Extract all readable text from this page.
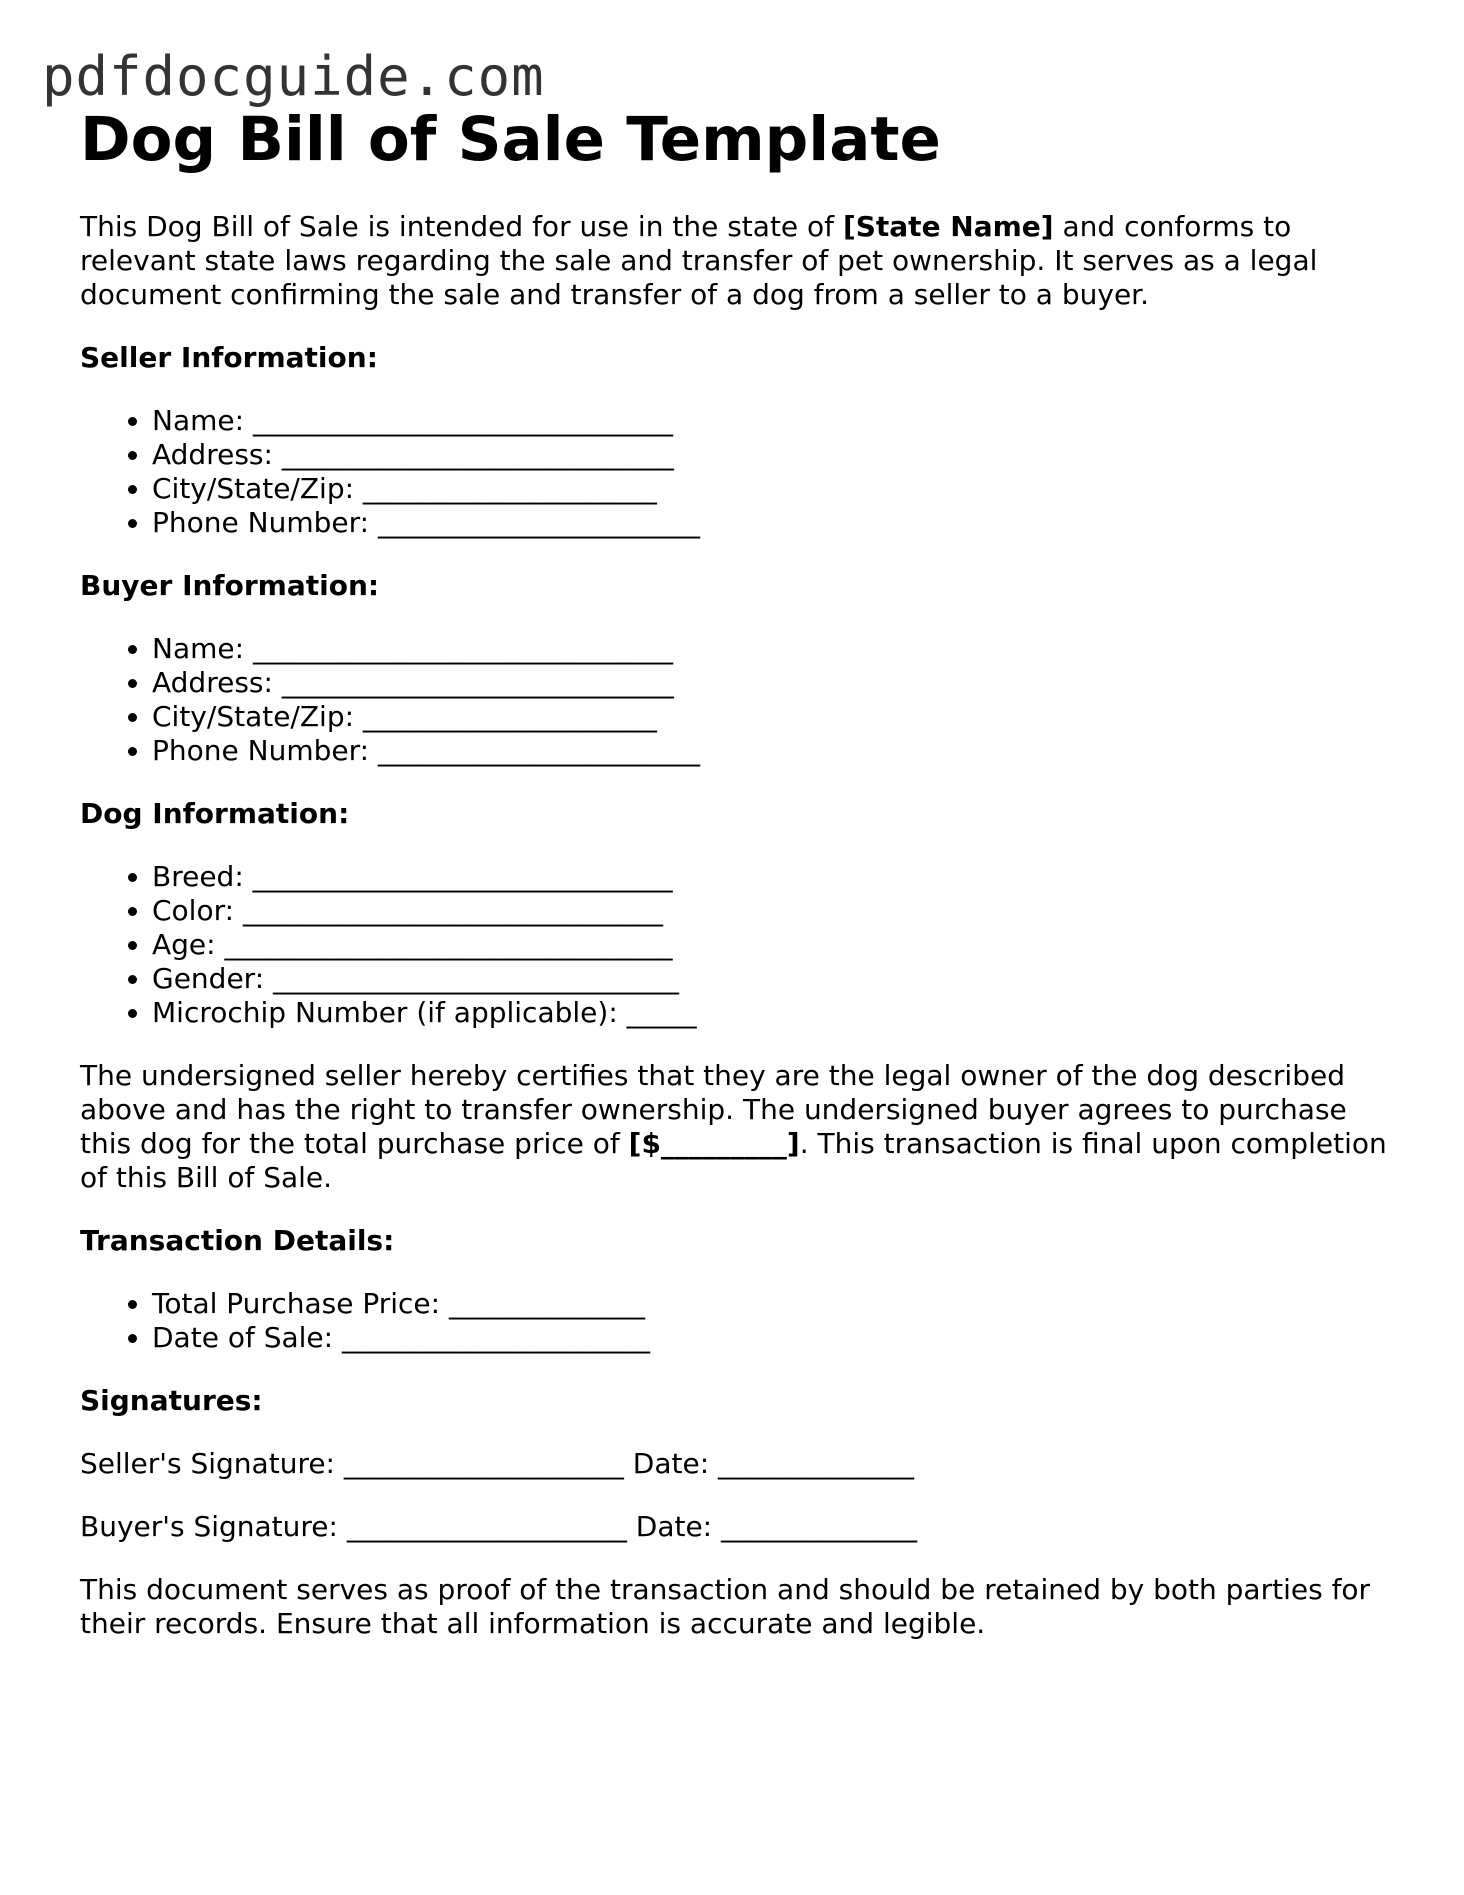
pdfdocguide.com
Dog Bill of Sale Template

This Dog Bill of Sale is intended for use in the state of [State Name] and conforms to relevant state laws regarding the sale and transfer of pet ownership. It serves as a legal document confirming the sale and transfer of a dog from a seller to a buyer.

Seller Information:
• Name: ______________________________
• Address: ____________________________
• City/State/Zip: _____________________
• Phone Number: _______________________
Buyer Information:
• Name: ______________________________
• Address: ____________________________
• City/State/Zip: _____________________
• Phone Number: _______________________
Dog Information:
• Breed: ______________________________
• Color: ______________________________
• Age: ________________________________
• Gender: _____________________________
• Microchip Number (if applicable): _____

The undersigned seller hereby certifies that they are the legal owner of the dog described above and has the right to transfer ownership. The undersigned buyer agrees to purchase this dog for the total purchase price of [$_________]. This transaction is final upon completion of this Bill of Sale.

Transaction Details:
• Total Purchase Price: ______________
• Date of Sale: ______________________
Signatures:

Seller's Signature: ____________________ Date: ______________

Buyer's Signature: ____________________ Date: ______________

This document serves as proof of the transaction and should be retained by both parties for their records. Ensure that all information is accurate and legible.
